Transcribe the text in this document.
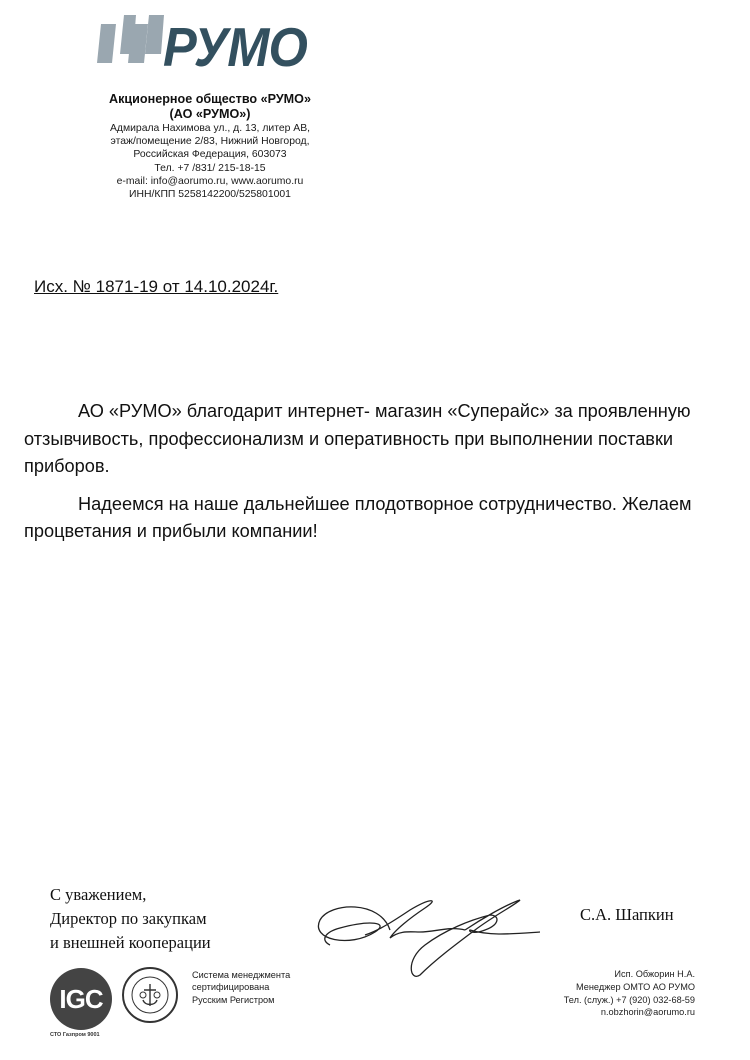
РУМО
Акционерное общество «РУМО»
(АО «РУМО»)
Адмирала Нахимова ул., д. 13, литер АВ,
этаж/помещение 2/83, Нижний Новгород,
Российская Федерация, 603073
Тел. +7 /831/ 215-18-15
e-mail: info@aorumo.ru, www.aorumo.ru
ИНН/КПП 5258142200/525801001
Исх. № 1871-19 от 14.10.2024г.

АО «РУМО» благодарит интернет- магазин «Суперайс» за проявленную отзывчивость, профессионализм и оперативность при выполнении поставки приборов.

Надеемся на наше дальнейшее плодотворное сотрудничество. Желаем процветания и прибыли компании!

С уважением,
Директор по закупкам
и внешней кооперации
С.А. Шапкин
IGC
СТО Газпром 9001
Система менеджмента
сертифицирована
Русским Регистром
Исп. Обжорин Н.А.
Менеджер ОМТО АО РУМО
Тел. (служ.) +7 (920) 032-68-59
n.obzhorin@aorumo.ru
